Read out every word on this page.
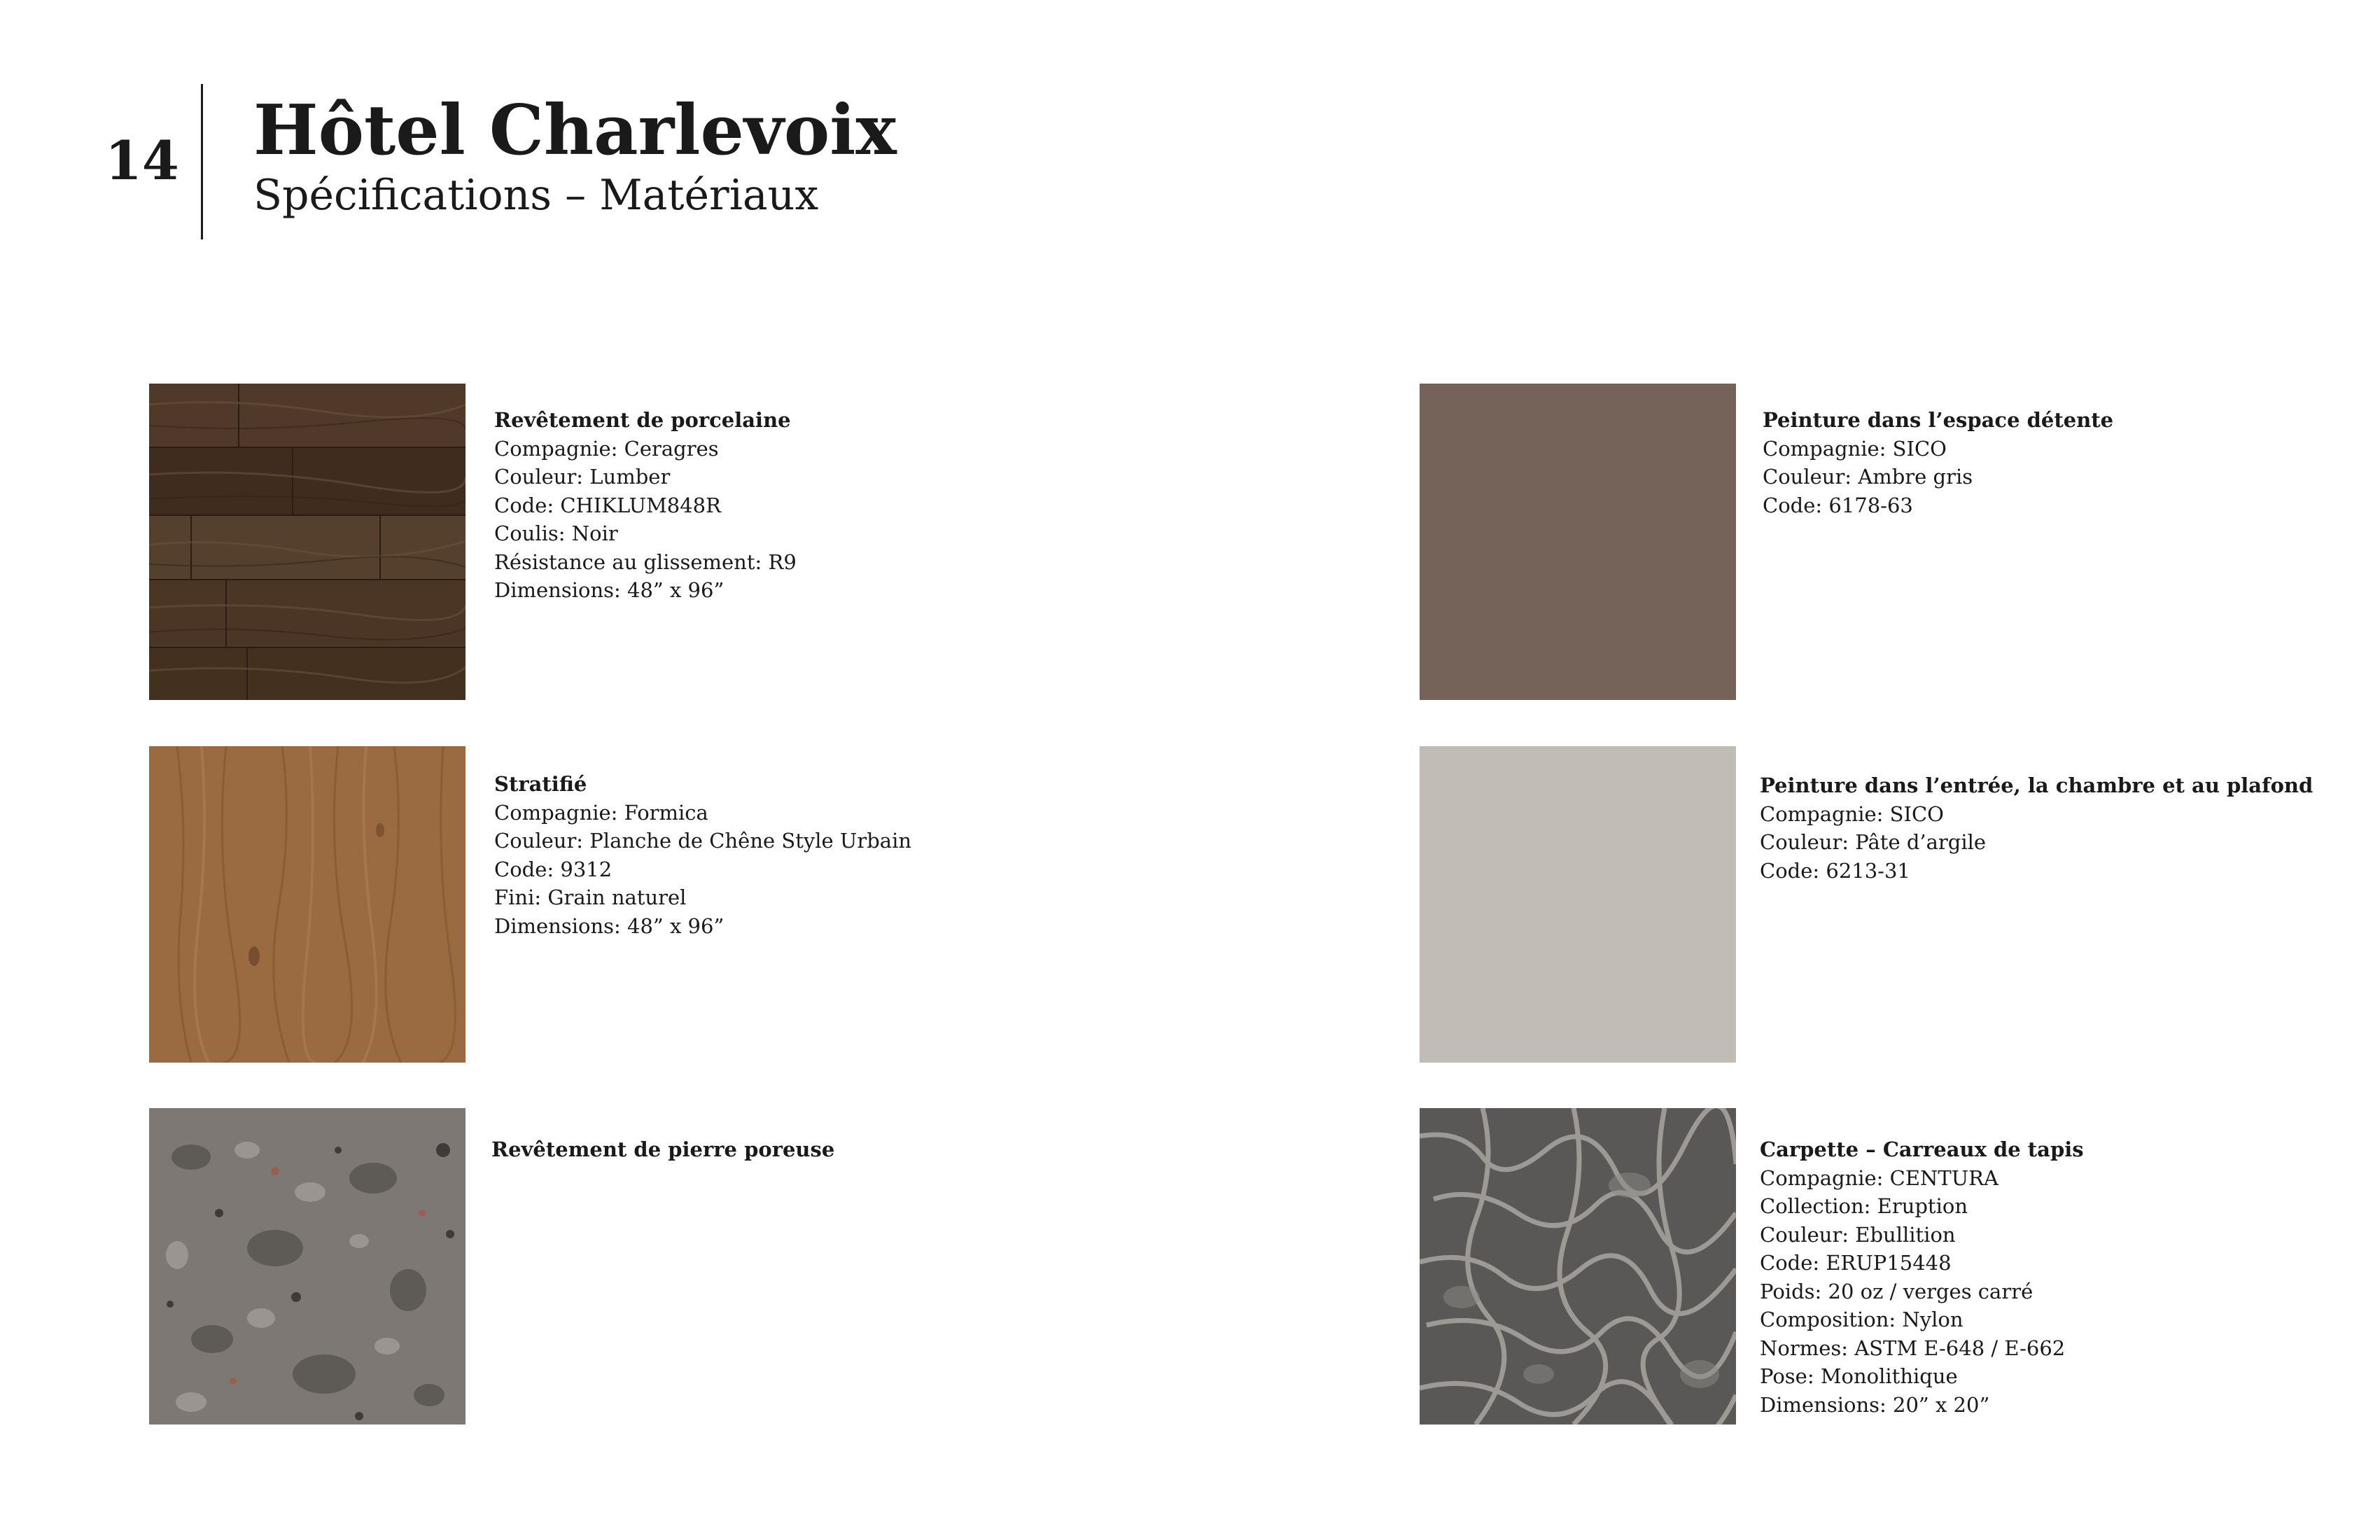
14 Hôtel Charlevoix
Spécifications – Matériaux
Revêtement de porcelaine
Compagnie: Ceragres
Couleur: Lumber
Code: CHIKLUM848R
Coulis: Noir
Résistance au glissement: R9
Dimensions: 48” x 96”
Stratifié
Compagnie: Formica
Couleur: Planche de Chêne Style Urbain
Code: 9312
Fini: Grain naturel
Dimensions: 48” x 96”
Revêtement de pierre poreuse
Peinture dans l’espace détente
Compagnie: SICO
Couleur: Ambre gris
Code: 6178-63
Peinture dans l’entrée, la chambre et au plafond
Compagnie: SICO
Couleur: Pâte d’argile
Code: 6213-31
Carpette – Carreaux de tapis
Compagnie: CENTURA
Collection: Eruption
Couleur: Ebullition
Code: ERUP15448
Poids: 20 oz / verges carré
Composition: Nylon
Normes: ASTM E-648 / E-662
Pose: Monolithique
Dimensions: 20” x 20”
